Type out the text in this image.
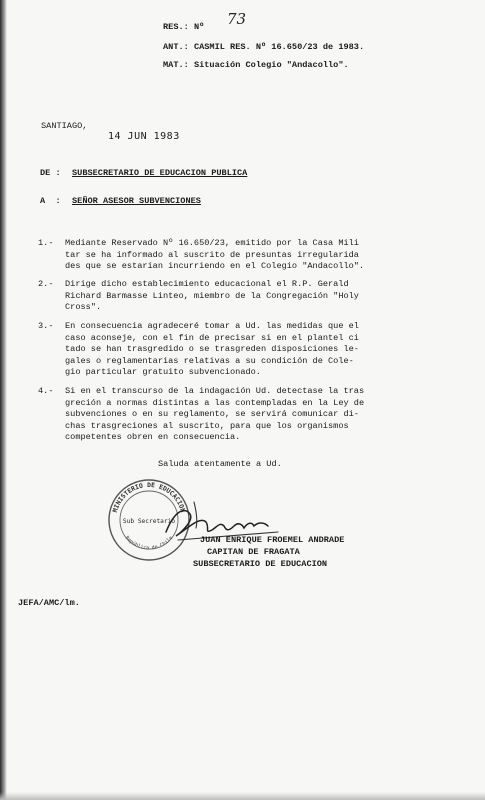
RES.: Nº 73
ANT.: CASMIL RES. Nº 16.650/23 de 1983.
MAT.: Situación Colegio "Andacollo".
SANTIAGO,
14 JUN 1983
DE : SUBSECRETARIO DE EDUCACION PUBLICA
A  : SEÑOR ASESOR SUBVENCIONES
1.- Mediante Reservado Nº 16.650/23, emitido por la Casa Mili
tar se ha informado al suscrito de presuntas irregularida
des que se estarían incurriendo en el Colegio "Andacollo".
2.- Dirige dicho establecimiento educacional el R.P. Gerald
Richard Barmasse Linteo, miembro de la Congregación "Holy
Cross".
3.- En consecuencia agradeceré tomar a Ud. las medidas que el
caso aconseje, con el fin de precisar si en el plantel ci
tado se han trasgredido o se trasgreden disposiciones le-
gales o reglamentarias relativas a su condición de Cole-
gio particular gratuito subvencionado.
4.- Si en el transcurso de la indagación Ud. detectase la tras
greción a normas distintas a las contempladas en la Ley de
subvenciones o en su reglamento, se servirá comunicar di-
chas trasgreciones al suscrito, para que los organismos
competentes obren en consecuencia.
Saluda atentamente a Ud.
MINISTERIO DE EDUCACION
República de Chile
Sub Secretario
JUAN ENRIQUE FROEMEL ANDRADE
CAPITAN DE FRAGATA
SUBSECRETARIO DE EDUCACION
JEFA/AMC/lm.
